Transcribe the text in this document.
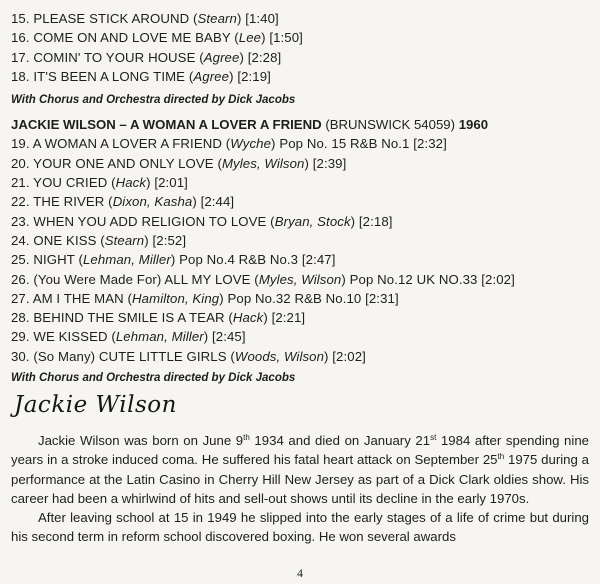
15. PLEASE STICK AROUND (Stearn) [1:40]
16. COME ON AND LOVE ME BABY (Lee) [1:50]
17. COMIN' TO YOUR HOUSE (Agree) [2:28]
18. IT'S BEEN A LONG TIME (Agree) [2:19]
With Chorus and Orchestra directed by Dick Jacobs
JACKIE WILSON – A WOMAN A LOVER A FRIEND (BRUNSWICK 54059) 1960
19. A WOMAN A LOVER A FRIEND (Wyche) Pop No. 15 R&B No.1 [2:32]
20. YOUR ONE AND ONLY LOVE (Myles, Wilson) [2:39]
21. YOU CRIED (Hack) [2:01]
22. THE RIVER (Dixon, Kasha) [2:44]
23. WHEN YOU ADD RELIGION TO LOVE (Bryan, Stock) [2:18]
24. ONE KISS (Stearn) [2:52]
25. NIGHT (Lehman, Miller) Pop No.4 R&B No.3 [2:47]
26. (You Were Made For) ALL MY LOVE (Myles, Wilson) Pop No.12 UK NO.33 [2:02]
27. AM I THE MAN (Hamilton, King) Pop No.32 R&B No.10 [2:31]
28. BEHIND THE SMILE IS A TEAR (Hack) [2:21]
29. WE KISSED (Lehman, Miller) [2:45]
30. (So Many) CUTE LITTLE GIRLS (Woods, Wilson) [2:02]
With Chorus and Orchestra directed by Dick Jacobs
Jackie Wilson

Jackie Wilson was born on June 9th 1934 and died on January 21st 1984 after spending nine years in a stroke induced coma. He suffered his fatal heart attack on September 25th 1975 during a performance at the Latin Casino in Cherry Hill New Jersey as part of a Dick Clark oldies show. His career had been a whirlwind of hits and sell-out shows until its decline in the early 1970s.

After leaving school at 15 in 1949 he slipped into the early stages of a life of crime but during his second term in reform school discovered boxing. He won several awards

4
